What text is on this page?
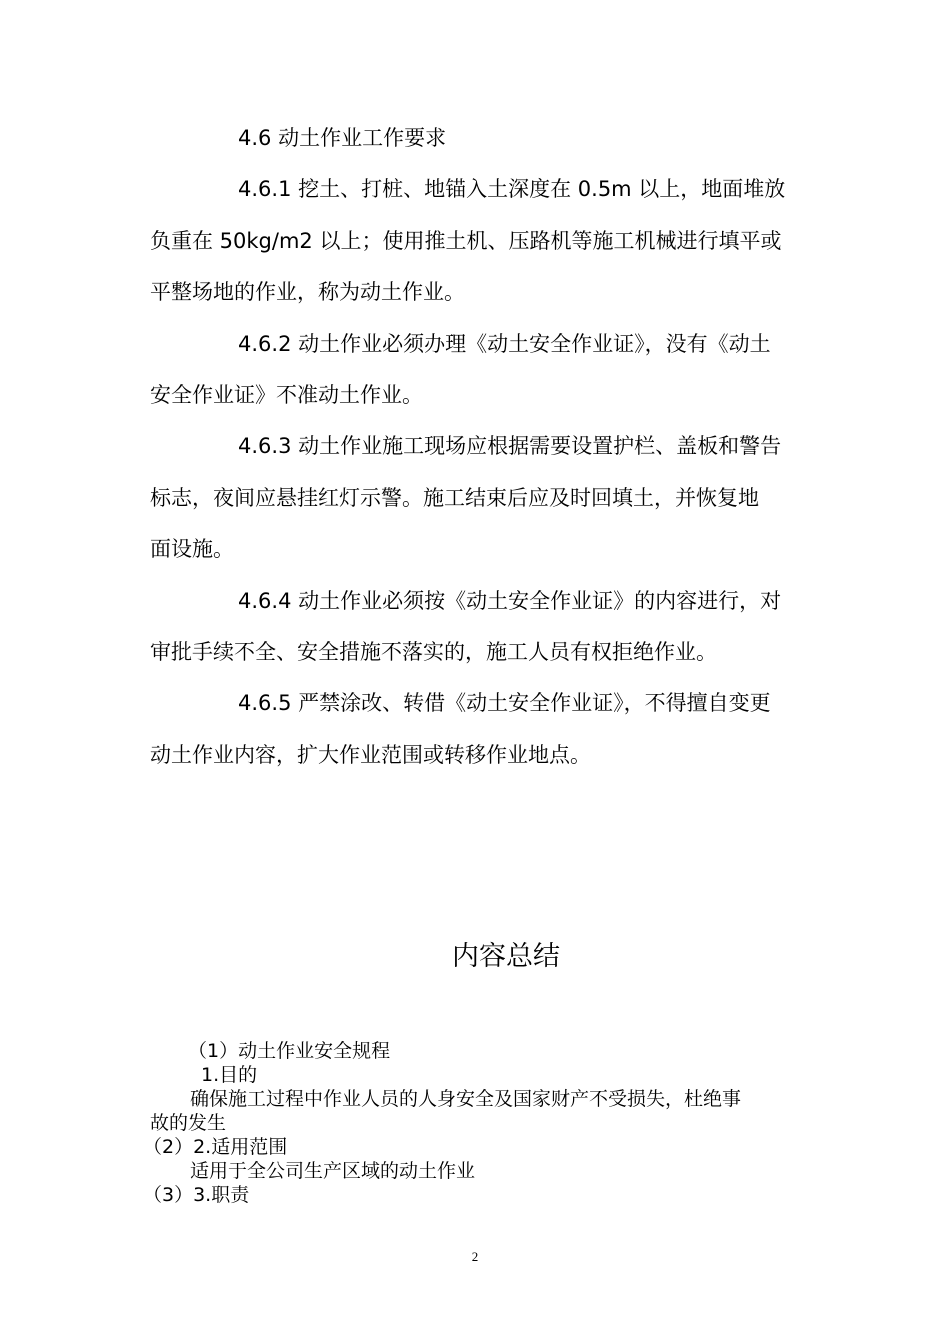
4.6 动土作业工作要求
4.6.1 挖土、打桩、地锚入土深度在 0.5m 以上，地面堆放
负重在 50kg/m2 以上；使用推土机、压路机等施工机械进行填平或
平整场地的作业，称为动土作业。
4.6.2 动土作业必须办理《动土安全作业证》，没有《动土
安全作业证》不准动土作业。
4.6.3 动土作业施工现场应根据需要设置护栏、盖板和警告
标志，夜间应悬挂红灯示警。施工结束后应及时回填土，并恢复地
面设施。
4.6.4 动土作业必须按《动土安全作业证》的内容进行，对
审批手续不全、安全措施不落实的，施工人员有权拒绝作业。
4.6.5 严禁涂改、转借《动土安全作业证》，不得擅自变更
动土作业内容，扩大作业范围或转移作业地点。
内容总结
（1）动土作业安全规程
1.目的
确保施工过程中作业人员的人身安全及国家财产不受损失，杜绝事
故的发生
（2）2.适用范围
适用于全公司生产区域的动土作业
（3）3.职责
2
